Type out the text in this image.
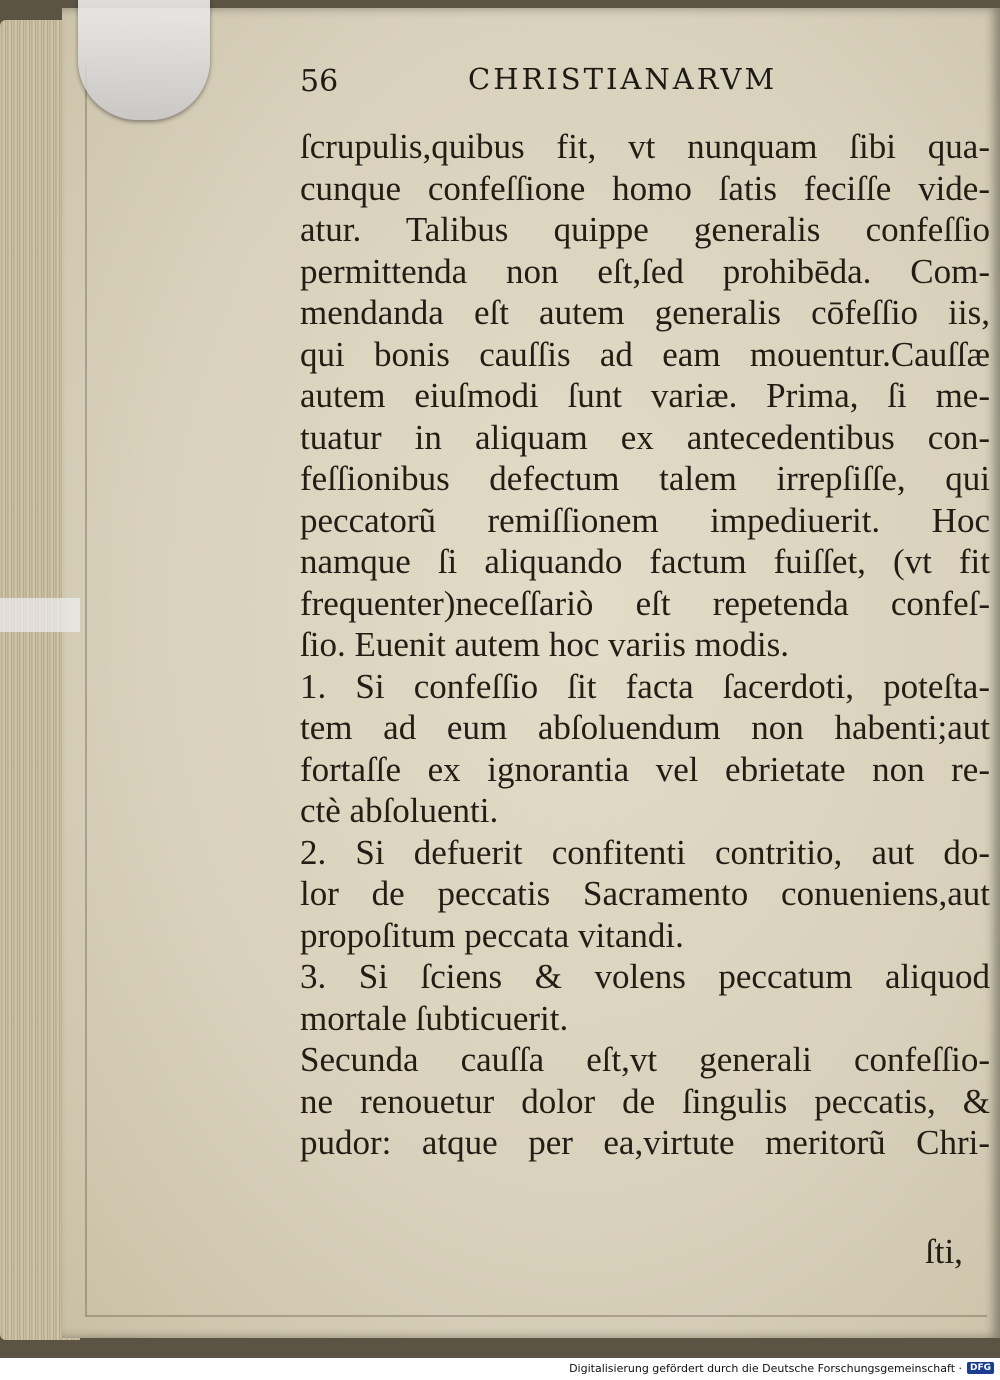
56	CHRISTIANARVM
ſcrupulis,quibus fit, vt nunquam ſibi qua-
cunque confeſſione homo ſatis feciſſe vide-
atur. Talibus quippe generalis confeſſio
permittenda non eſt,ſed prohibēda. Com-
mendanda eſt autem generalis cōfeſſio iis,
qui bonis cauſſis ad eam mouentur.Cauſſæ
autem eiuſmodi ſunt variæ. Prima, ſi me-
tuatur in aliquam ex antecedentibus con-
feſſionibus defectum talem irrepſiſſe, qui
peccatorũ remiſſionem impediuerit. Hoc
namque ſi aliquando factum fuiſſet, (vt fit
frequenter)neceſſariò eſt repetenda confeſ-
ſio. Euenit autem hoc variis modis.
1. Si confeſſio ſit facta ſacerdoti, poteſta-
tem ad eum abſoluendum non habenti;aut
fortaſſe ex ignorantia vel ebrietate non re-
ctè abſoluenti.
2. Si defuerit confitenti contritio, aut do-
lor de peccatis Sacramento conueniens,aut
propoſitum peccata vitandi.
3. Si ſciens & volens peccatum aliquod
mortale ſubticuerit.
Secunda cauſſa eſt,vt generali confeſſio-
ne renouetur dolor de ſingulis peccatis, &
pudor: atque per ea,virtute meritorũ Chri-
ſti,
Digitalisierung gefördert durch die Deutsche Forschungsgemeinschaft · DFG
